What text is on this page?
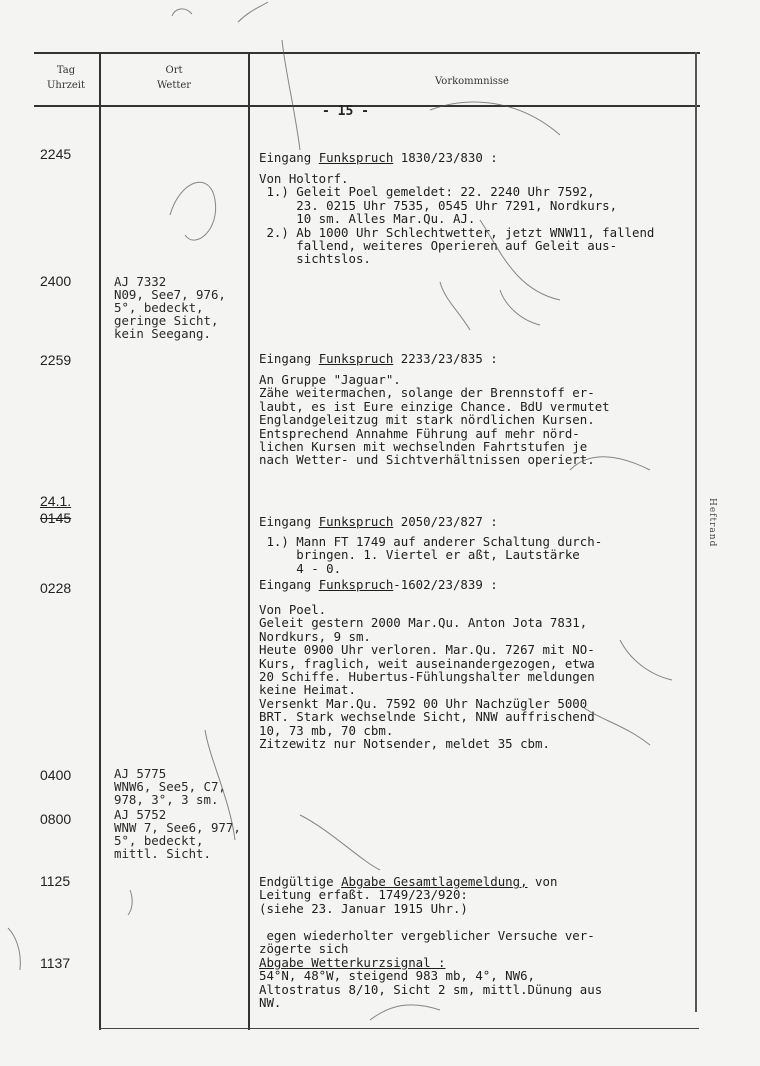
Tag
Uhrzeit
Ort
Wetter	Vorkommnisse
- 15 -
Heftrand
2245
2400
2259
24.1.
0145
0228
0400
0800
1125
1137
AJ 7332
N09, See7, 976,
5°, bedeckt,
geringe Sicht,
kein Seegang.
AJ 5775
WNW6, See5, C7,
978, 3°, 3 sm.
AJ 5752
WNW 7, See6, 977,
5°, bedeckt,
mittl. Sicht.
Eingang Funkspruch 1830/23/830 :
Von Holtorf.
1.) Geleit Poel gemeldet: 22. 2240 Uhr 7592,
23. 0215 Uhr 7535, 0545 Uhr 7291, Nordkurs,
10 sm. Alles Mar.Qu. AJ.
2.) Ab 1000 Uhr Schlechtwetter, jetzt WNW11, fallend
fallend, weiteres Operieren auf Geleit aus-
sichtslos.
Eingang Funkspruch 2233/23/835 :
An Gruppe "Jaguar".
Zähe weitermachen, solange der Brennstoff er-
laubt, es ist Eure einzige Chance. BdU vermutet
Englandgeleitzug mit stark nördlichen Kursen.
Entsprechend Annahme Führung auf mehr nörd-
lichen Kursen mit wechselnden Fahrtstufen je
nach Wetter- und Sichtverhältnissen operiert.
Eingang Funkspruch 2050/23/827 :
1.) Mann FT 1749 auf anderer Schaltung durch-
bringen. 1. Viertel er aßt, Lautstärke
4 - 0.
Eingang Funkspruch-1602/23/839 :
Von Poel.
Geleit gestern 2000 Mar.Qu. Anton Jota 7831,
Nordkurs, 9 sm.
Heute 0900 Uhr verloren. Mar.Qu. 7267 mit NO-
Kurs, fraglich, weit auseinandergezogen, etwa
20 Schiffe. Hubertus-Fühlungshalter meldungen
keine Heimat.
Versenkt Mar.Qu. 7592 00 Uhr Nachzügler 5000
BRT. Stark wechselnde Sicht, NNW auffrischend
10, 73 mb, 70 cbm.
Zitzewitz nur Notsender, meldet 35 cbm.
Endgültige Abgabe Gesamtlagemeldung, von
Leitung erfaßt. 1749/23/920:
(siehe 23. Januar 1915 Uhr.)
egen wiederholter vergeblicher Versuche ver-
zögerte sich
Abgabe Wetterkurzsignal :
54°N, 48°W, steigend 983 mb, 4°, NW6,
Altostratus 8/10, Sicht 2 sm, mittl.Dünung aus
NW.
